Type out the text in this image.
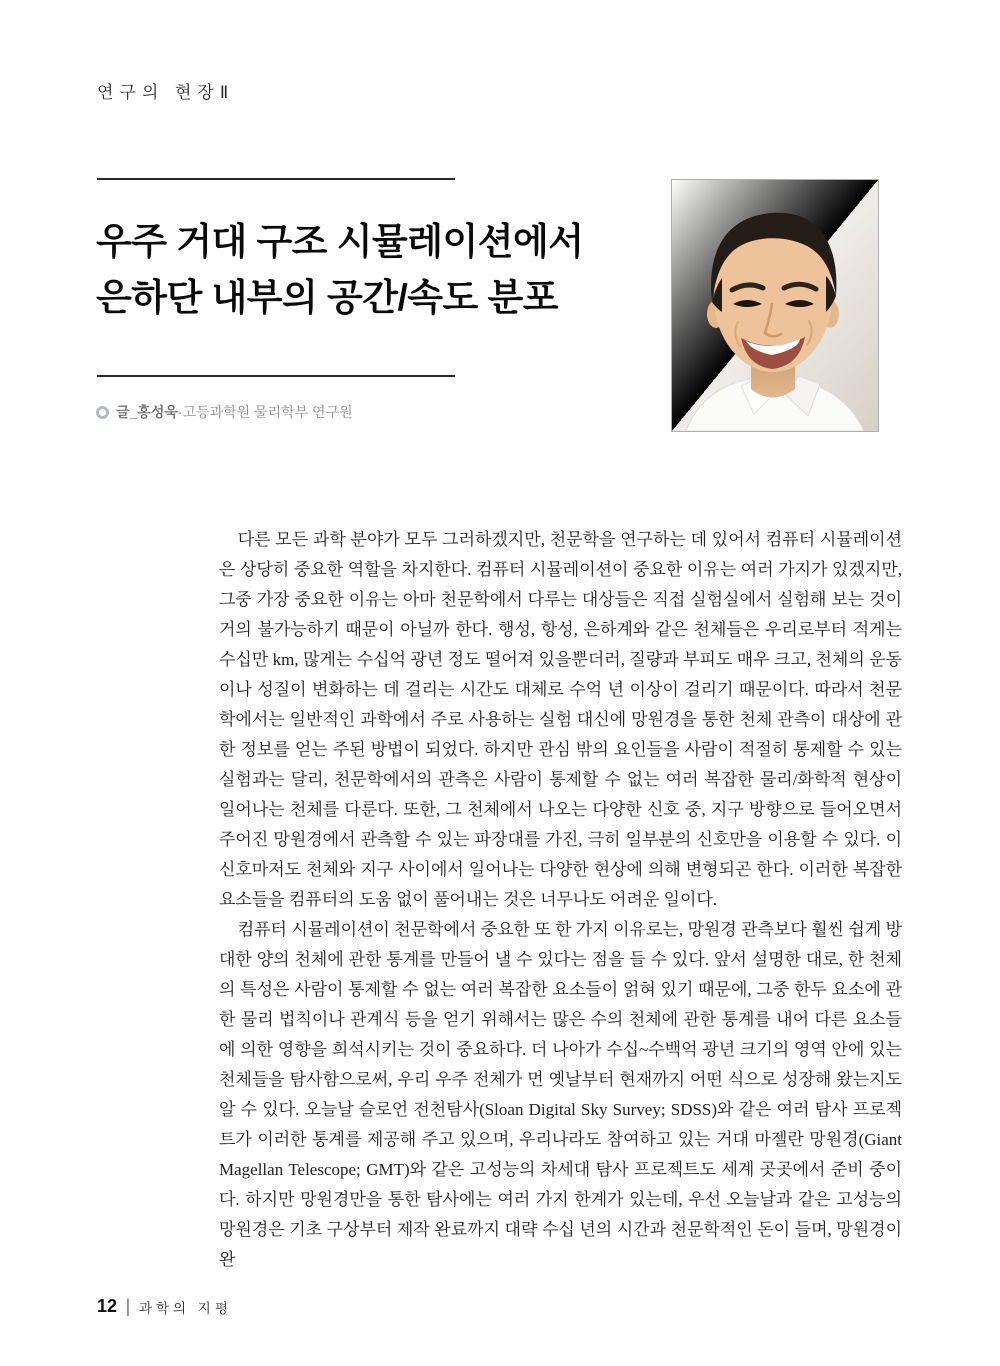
연구의 현장Ⅱ
우주 거대 구조 시뮬레이션에서
은하단 내부의 공간/속도 분포
글_홍성욱 ·고등과학원 물리학부 연구원

다른 모든 과학 분야가 모두 그러하겠지만, 천문학을 연구하는 데 있어서 컴퓨터 시뮬레이션은 상당히 중요한 역할을 차지한다. 컴퓨터 시뮬레이션이 중요한 이유는 여러 가지가 있겠지만, 그중 가장 중요한 이유는 아마 천문학에서 다루는 대상들은 직접 실험실에서 실험해 보는 것이 거의 불가능하기 때문이 아닐까 한다. 행성, 항성, 은하계와 같은 천체들은 우리로부터 적게는 수십만 km, 많게는 수십억 광년 정도 떨어져 있을뿐더러, 질량과 부피도 매우 크고, 천체의 운동이나 성질이 변화하는 데 걸리는 시간도 대체로 수억 년 이상이 걸리기 때문이다. 따라서 천문학에서는 일반적인 과학에서 주로 사용하는 실험 대신에 망원경을 통한 천체 관측이 대상에 관한 정보를 얻는 주된 방법이 되었다. 하지만 관심 밖의 요인들을 사람이 적절히 통제할 수 있는 실험과는 달리, 천문학에서의 관측은 사람이 통제할 수 없는 여러 복잡한 물리/화학적 현상이 일어나는 천체를 다룬다. 또한, 그 천체에서 나오는 다양한 신호 중, 지구 방향으로 들어오면서 주어진 망원경에서 관측할 수 있는 파장대를 가진, 극히 일부분의 신호만을 이용할 수 있다. 이 신호마저도 천체와 지구 사이에서 일어나는 다양한 현상에 의해 변형되곤 한다. 이러한 복잡한 요소들을 컴퓨터의 도움 없이 풀어내는 것은 너무나도 어려운 일이다.

컴퓨터 시뮬레이션이 천문학에서 중요한 또 한 가지 이유로는, 망원경 관측보다 훨씬 쉽게 방대한 양의 천체에 관한 통계를 만들어 낼 수 있다는 점을 들 수 있다. 앞서 설명한 대로, 한 천체의 특성은 사람이 통제할 수 없는 여러 복잡한 요소들이 얽혀 있기 때문에, 그중 한두 요소에 관한 물리 법칙이나 관계식 등을 얻기 위해서는 많은 수의 천체에 관한 통계를 내어 다른 요소들에 의한 영향을 희석시키는 것이 중요하다. 더 나아가 수십~수백억 광년 크기의 영역 안에 있는 천체들을 탐사함으로써, 우리 우주 전체가 먼 옛날부터 현재까지 어떤 식으로 성장해 왔는지도 알 수 있다. 오늘날 슬로언 전천탐사(Sloan Digital Sky Survey; SDSS)와 같은 여러 탐사 프로젝트가 이러한 통계를 제공해 주고 있으며, 우리나라도 참여하고 있는 거대 마젤란 망원경(Giant Magellan Telescope; GMT)와 같은 고성능의 차세대 탐사 프로젝트도 세계 곳곳에서 준비 중이다. 하지만 망원경만을 통한 탐사에는 여러 가지 한계가 있는데, 우선 오늘날과 같은 고성능의 망원경은 기초 구상부터 제작 완료까지 대략 수십 년의 시간과 천문학적인 돈이 들며, 망원경이 완

12 | 과학의 지평
